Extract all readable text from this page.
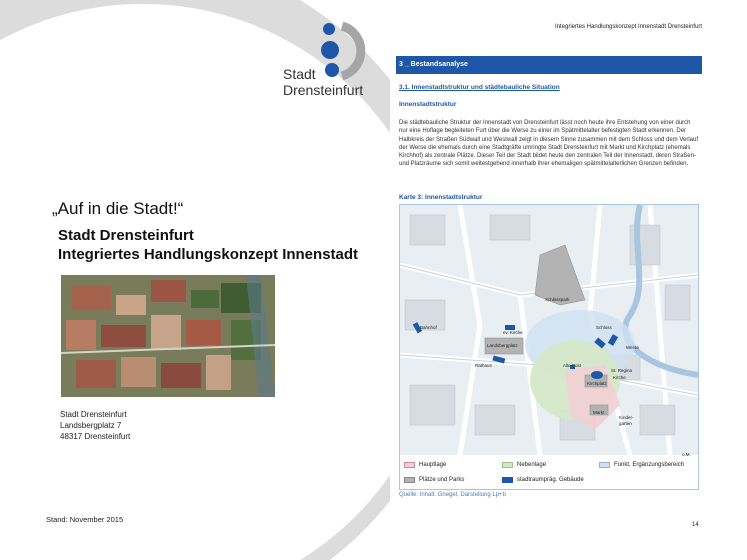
Stadt
Drensteinfurt
„Auf in die Stadt!“
Stadt Drensteinfurt
Integriertes Handlungskonzept Innenstadt
Stadt Drensteinfurt
Landsbergplatz 7
48317 Drensteinfurt
Stand: November 2015
Integriertes Handlungskonzept Innenstadt Drensteinfurt
3 _ Bestandsanalyse
3.1. Innenstadtstruktur und städtebauliche Situation
Innenstadtstruktur
Die städtebauliche Struktur der Innenstadt von Drensteinfurt lässt noch heute ihre Entstehung von einer durch nur eine Hoflage begleiteten Furt über die Werse zu einer im Spätmittelalter befestigten Stadt erkennen. Der Halbkreis der Straßen Südwall und Westwall zeigt in diesem Sinne zusammen mit dem Schloss und dem Verlauf der Werse die ehemals durch eine Stadtgräfte umringte Stadt Drensteinfurt mit Markt und Kirchplatz (ehemals Kirchhof) als zentrale Plätze. Dieser Teil der Stadt bildet heute den zentralen Teil der Innenstadt, deren Straßen- und Platzräume sich somit weitestgehend innerhalb ihrer ehemaligen spätmittelalterlichen Grenzen befinden.
Karte 3: Innenstadtstruktur
Schlosspark
Bahnhof
ev. Kirche
Landsbergplatz
Rathaus
Schloss
Werse
Alte Post
Kirchplatz
St. Regina
Kirche
Markt
Kinder-
garten
o.M.
Hauptlage	Nebenlage	Funkt. Ergänzungsbereich
Plätze und Parks	stadtraumpräg. Gebäude
Quelle: Inhalt: Gnegel, Darstellung Lp+b
14
